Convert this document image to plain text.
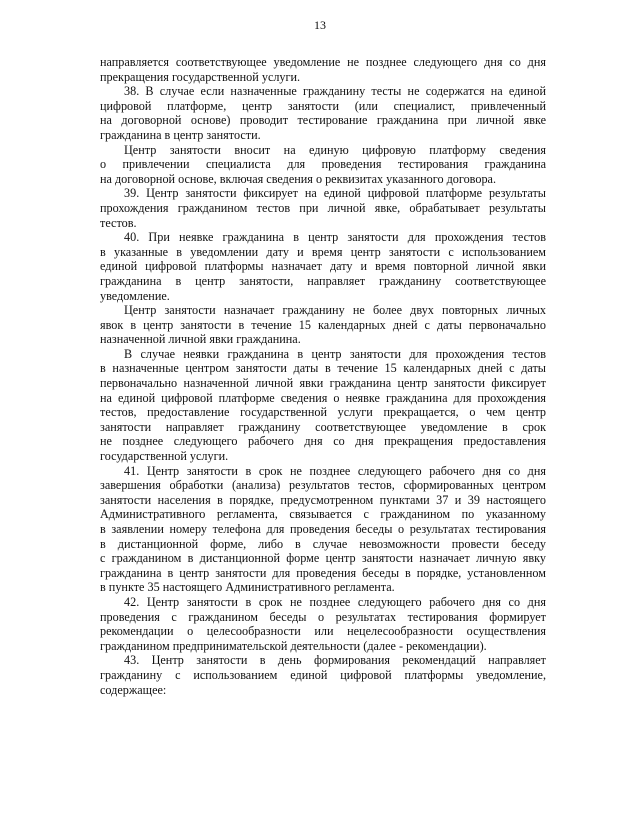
13

направляется соответствующее уведомление не позднее следующего дня со дня
прекращения государственной услуги.

38. В случае если назначенные гражданину тесты не содержатся на единой
цифровой платформе, центр занятости (или специалист, привлеченный
на договорной основе) проводит тестирование гражданина при личной явке
гражданина в центр занятости.

Центр занятости вносит на единую цифровую платформу сведения
о привлечении специалиста для проведения тестирования гражданина
на договорной основе, включая сведения о реквизитах указанного договора.

39. Центр занятости фиксирует на единой цифровой платформе результаты
прохождения гражданином тестов при личной явке, обрабатывает результаты
тестов.

40. При неявке гражданина в центр занятости для прохождения тестов
в указанные в уведомлении дату и время центр занятости с использованием
единой цифровой платформы назначает дату и время повторной личной явки
гражданина в центр занятости, направляет гражданину соответствующее
уведомление.

Центр занятости назначает гражданину не более двух повторных личных
явок в центр занятости в течение 15 календарных дней с даты первоначально
назначенной личной явки гражданина.

В случае неявки гражданина в центр занятости для прохождения тестов
в назначенные центром занятости даты в течение 15 календарных дней с даты
первоначально назначенной личной явки гражданина центр занятости фиксирует
на единой цифровой платформе сведения о неявке гражданина для прохождения
тестов, предоставление государственной услуги прекращается, о чем центр
занятости направляет гражданину соответствующее уведомление в срок
не позднее следующего рабочего дня со дня прекращения предоставления
государственной услуги.

41. Центр занятости в срок не позднее следующего рабочего дня со дня
завершения обработки (анализа) результатов тестов, сформированных центром
занятости населения в порядке, предусмотренном пунктами 37 и 39 настоящего
Административного регламента, связывается с гражданином по указанному
в заявлении номеру телефона для проведения беседы о результатах тестирования
в дистанционной форме, либо в случае невозможности провести беседу
с гражданином в дистанционной форме центр занятости назначает личную явку
гражданина в центр занятости для проведения беседы в порядке, установленном
в пункте 35 настоящего Административного регламента.

42. Центр занятости в срок не позднее следующего рабочего дня со дня
проведения с гражданином беседы о результатах тестирования формирует
рекомендации о целесообразности или нецелесообразности осуществления
гражданином предпринимательской деятельности (далее - рекомендации).

43. Центр занятости в день формирования рекомендаций направляет
гражданину с использованием единой цифровой платформы уведомление,
содержащее:
